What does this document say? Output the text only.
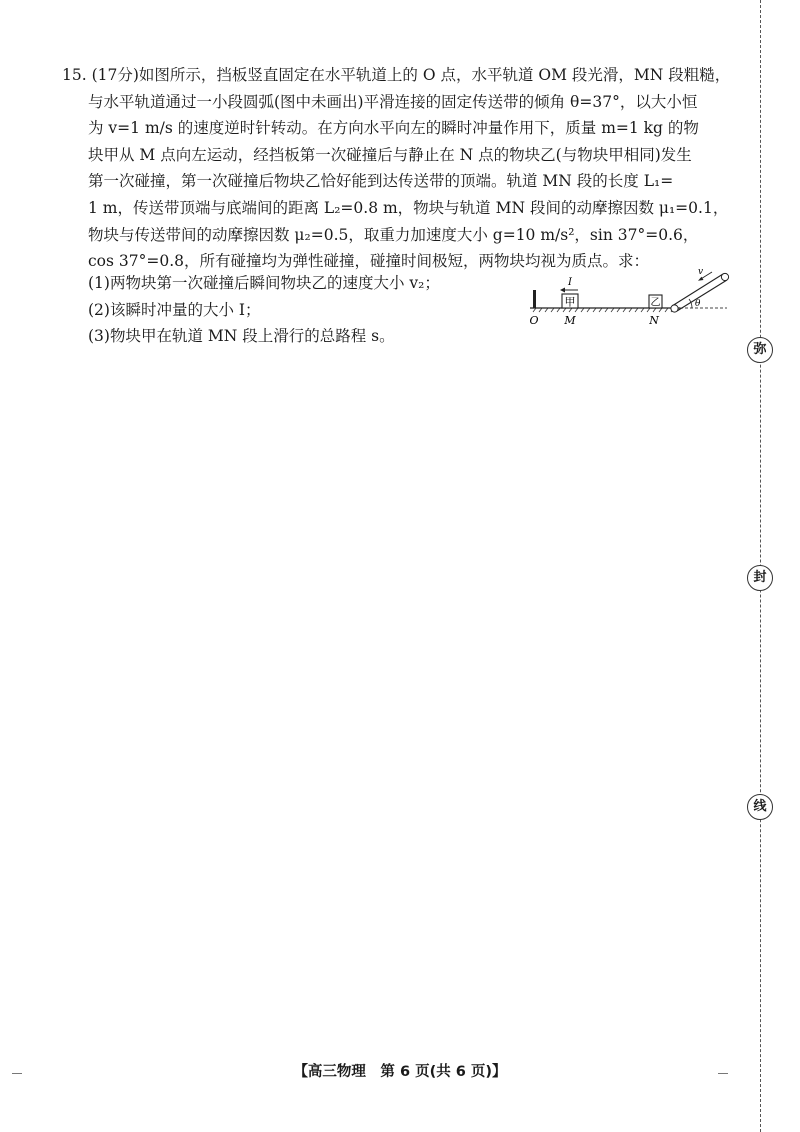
15. (17分)如图所示，挡板竖直固定在水平轨道上的 O 点，水平轨道 OM 段光滑，MN 段粗糙，
与水平轨道通过一小段圆弧(图中未画出)平滑连接的固定传送带的倾角 θ=37°，以大小恒
为 v=1 m/s 的速度逆时针转动。在方向水平向左的瞬时冲量作用下，质量 m=1 kg 的物
块甲从 M 点向左运动，经挡板第一次碰撞后与静止在 N 点的物块乙(与物块甲相同)发生
第一次碰撞，第一次碰撞后物块乙恰好能到达传送带的顶端。轨道 MN 段的长度 L₁=
1 m，传送带顶端与底端间的距离 L₂=0.8 m，物块与轨道 MN 段间的动摩擦因数 μ₁=0.1，
物块与传送带间的动摩擦因数 μ₂=0.5，取重力加速度大小 g=10 m/s²，sin 37°=0.6，
cos 37°=0.8，所有碰撞均为弹性碰撞，碰撞时间极短，两物块均视为质点。求：
(1)两物块第一次碰撞后瞬间物块乙的速度大小 v₂；
(2)该瞬时冲量的大小 I；
(3)物块甲在轨道 MN 段上滑行的总路程 s。
甲
I
乙
v
θ
O M	N
【高三物理　第 6 页(共 6 页)】
弥
封
线
